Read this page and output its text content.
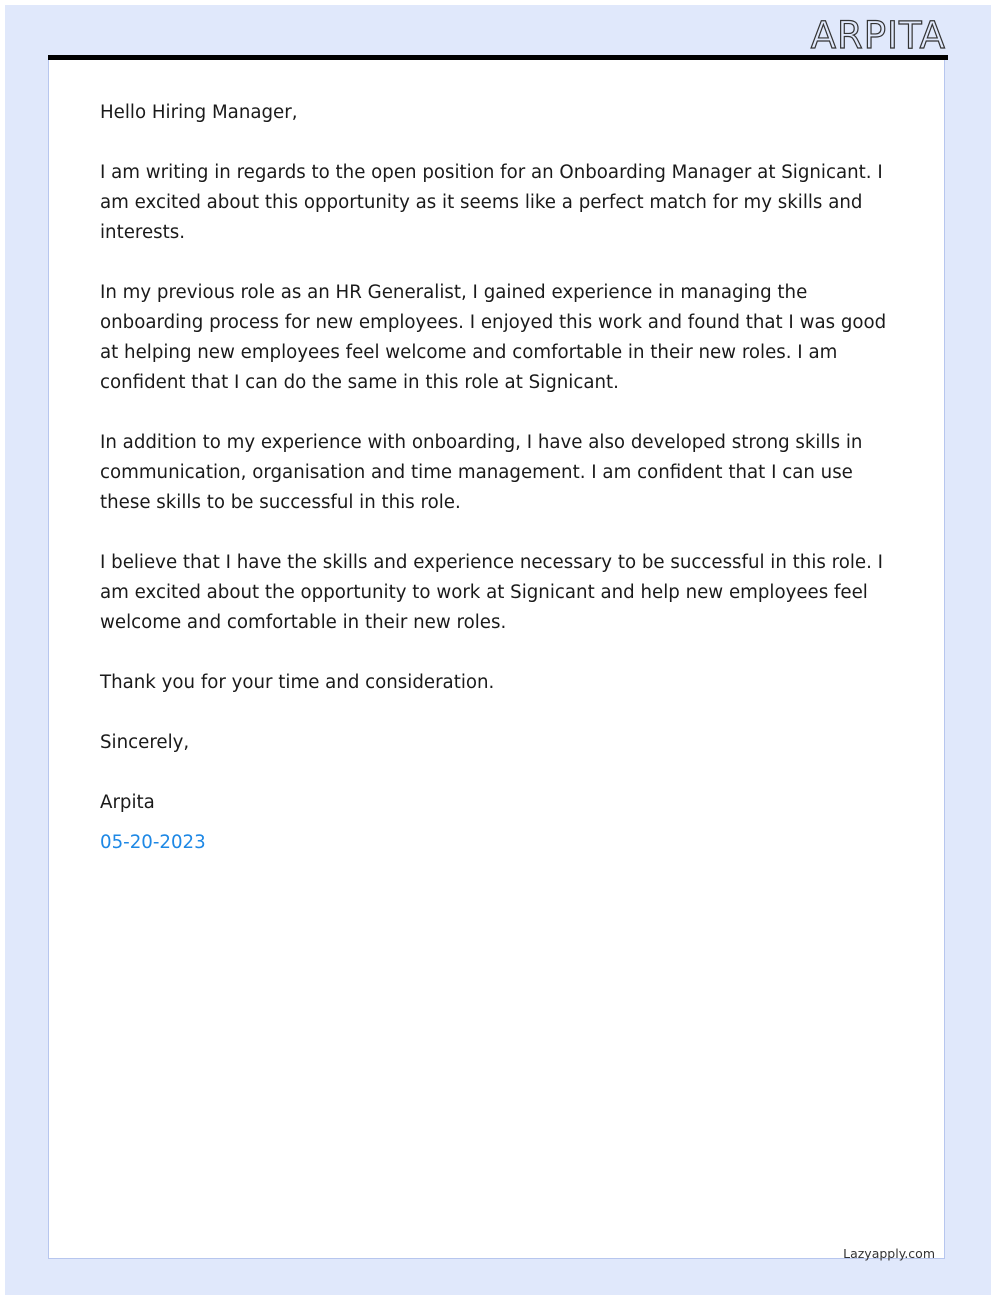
ARPITA

Hello Hiring Manager,

I am writing in regards to the open position for an Onboarding Manager at Signicant. I am excited about this opportunity as it seems like a perfect match for my skills and interests.

In my previous role as an HR Generalist, I gained experience in managing the onboarding process for new employees. I enjoyed this work and found that I was good at helping new employees feel welcome and comfortable in their new roles. I am confident that I can do the same in this role at Signicant.

In addition to my experience with onboarding, I have also developed strong skills in communication, organisation and time management. I am confident that I can use these skills to be successful in this role.

I believe that I have the skills and experience necessary to be successful in this role. I am excited about the opportunity to work at Signicant and help new employees feel welcome and comfortable in their new roles.

Thank you for your time and consideration.

Sincerely,

Arpita

05-20-2023

Lazyapply.com
